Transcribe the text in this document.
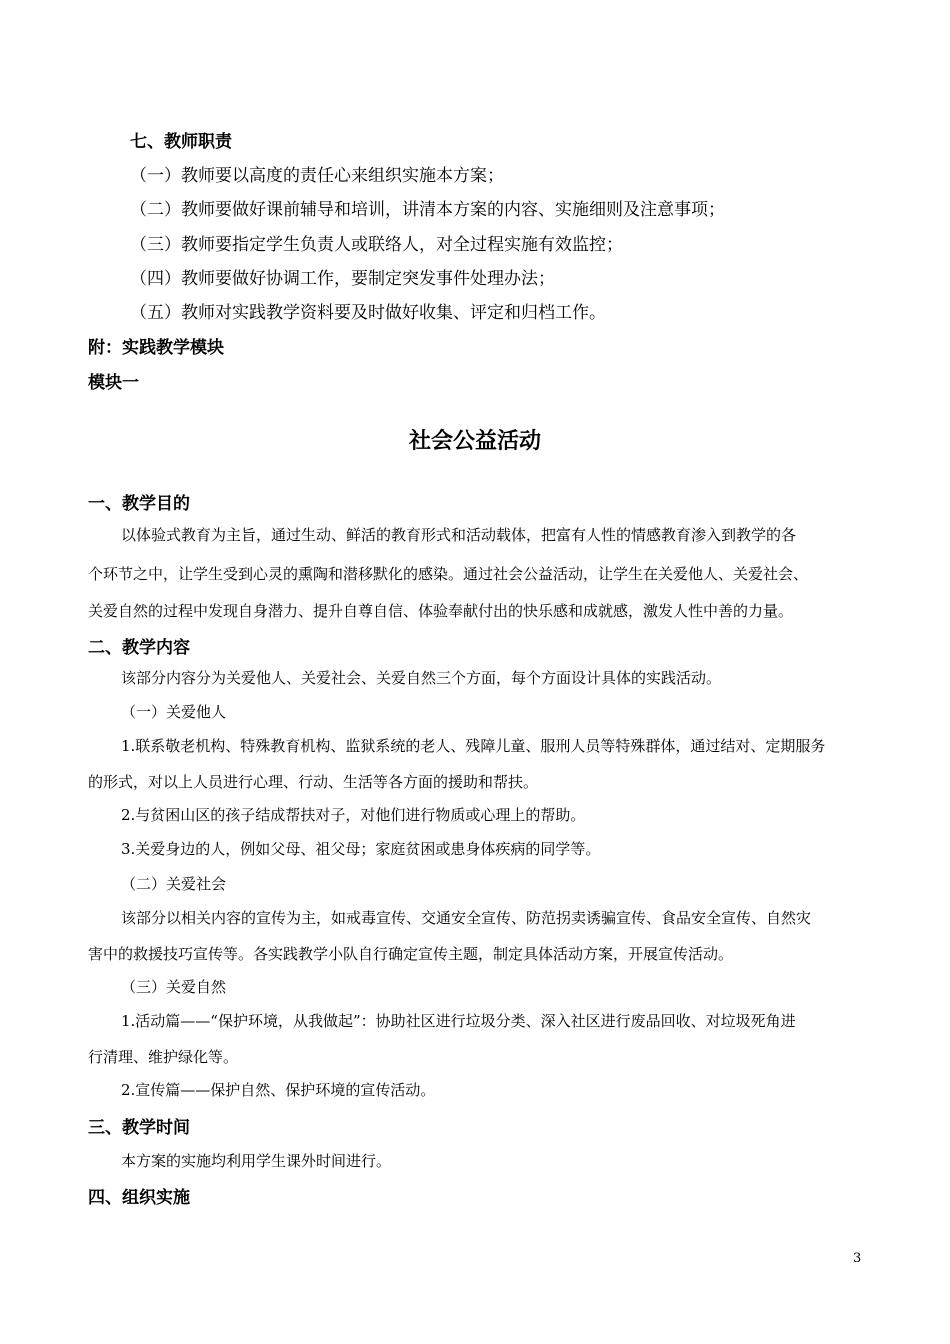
七、教师职责
（一）教师要以高度的责任心来组织实施本方案；
（二）教师要做好课前辅导和培训，讲清本方案的内容、实施细则及注意事项；
（三）教师要指定学生负责人或联络人，对全过程实施有效监控；
（四）教师要做好协调工作，要制定突发事件处理办法；
（五）教师对实践教学资料要及时做好收集、评定和归档工作。
附：实践教学模块
模块一
社会公益活动
一、教学目的
以体验式教育为主旨，通过生动、鲜活的教育形式和活动载体，把富有人性的情感教育渗入到教学的各
个环节之中，让学生受到心灵的熏陶和潜移默化的感染。通过社会公益活动，让学生在关爱他人、关爱社会、
关爱自然的过程中发现自身潜力、提升自尊自信、体验奉献付出的快乐感和成就感，激发人性中善的力量。
二、教学内容
该部分内容分为关爱他人、关爱社会、关爱自然三个方面，每个方面设计具体的实践活动。
（一）关爱他人
1.联系敬老机构、特殊教育机构、监狱系统的老人、残障儿童、服刑人员等特殊群体，通过结对、定期服务
的形式，对以上人员进行心理、行动、生活等各方面的援助和帮扶。
2.与贫困山区的孩子结成帮扶对子，对他们进行物质或心理上的帮助。
3.关爱身边的人，例如父母、祖父母；家庭贫困或患身体疾病的同学等。
（二）关爱社会
该部分以相关内容的宣传为主，如戒毒宣传、交通安全宣传、防范拐卖诱骗宣传、食品安全宣传、自然灾
害中的救援技巧宣传等。各实践教学小队自行确定宣传主题，制定具体活动方案，开展宣传活动。
（三）关爱自然
1.活动篇——“保护环境，从我做起”：协助社区进行垃圾分类、深入社区进行废品回收、对垃圾死角进
行清理、维护绿化等。
2.宣传篇——保护自然、保护环境的宣传活动。
三、教学时间
本方案的实施均利用学生课外时间进行。
四、组织实施
3
